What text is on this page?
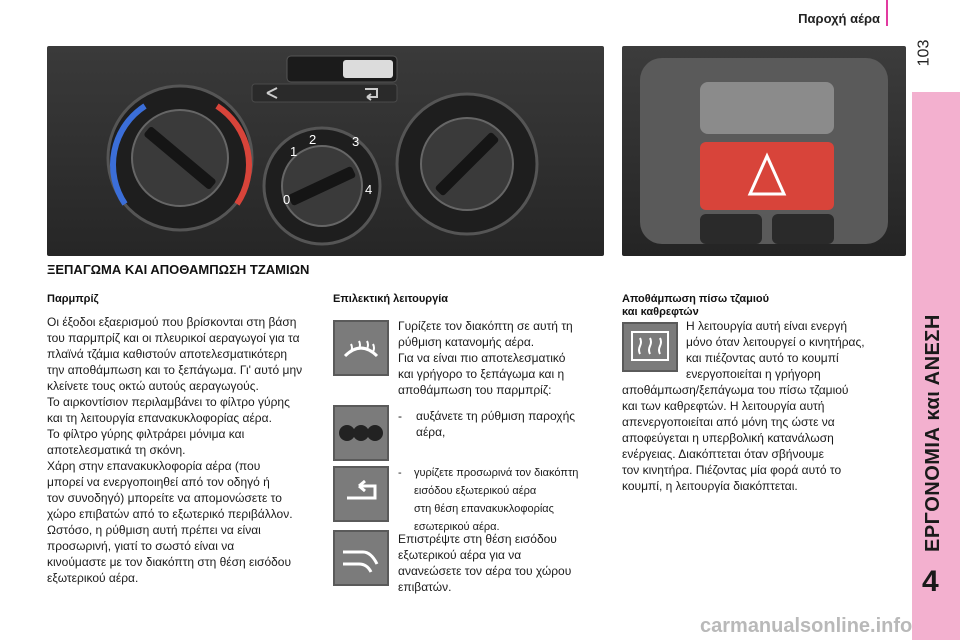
Παροχή αέρα
103
ΕΡΓΟΝΟΜΙΑ και ΑΝΕΣΗ
4
0
1
2	3
4
ΞΕΠΑΓΩΜΑ ΚΑΙ ΑΠΟΘΑΜΠΩΣΗ ΤΖΑΜΙΩΝ
Παρμπρίζ

Οι έξοδοι εξαερισμού που βρίσκονται στη βάση

του παρμπρίζ και οι πλευρικοί αεραγωγοί για τα

πλαϊνά τζάμια καθιστούν αποτελεσματικότερη

την αποθάμπωση και το ξεπάγωμα. Γι' αυτό μην

κλείνετε τους οκτώ αυτούς αεραγωγούς.

Το αιρκοντίσιον περιλαμβάνει το φίλτρο γύρης

και τη λειτουργία επανακυκλοφορίας αέρα.

Το φίλτρο γύρης φιλτράρει μόνιμα και

αποτελεσματικά τη σκόνη.

Χάρη στην επανακυκλοφορία αέρα (που

μπορεί να ενεργοποιηθεί από τον οδηγό ή

τον συνοδηγό) μπορείτε να απομονώσετε το

χώρο επιβατών από το εξωτερικό περιβάλλον.

Ωστόσο, η ρύθμιση αυτή πρέπει να είναι

προσωρινή, γιατί το σωστό είναι να

κινούμαστε με τον διακόπτη στη θέση εισόδου

εξωτερικού αέρα.

Επιλεκτική λειτουργία

Γυρίζετε τον διακόπτη σε αυτή τη

ρύθμιση κατανομής αέρα.

Για να είναι πιο αποτελεσματικό

και γρήγορο το ξεπάγωμα και η

αποθάμπωση του παρμπρίζ:

- αυξάνετε τη ρύθμιση παροχής

αέρα,

- γυρίζετε προσωρινά τον διακόπτη

εισόδου εξωτερικού αέρα

στη θέση επανακυκλοφορίας

εσωτερικού αέρα.

Επιστρέψτε στη θέση εισόδου

εξωτερικού αέρα για να

ανανεώσετε τον αέρα του χώρου

επιβατών.

Αποθάμπωση πίσω τζαμιού
και καθρεφτών

Η λειτουργία αυτή είναι ενεργή

μόνο όταν λειτουργεί ο κινητήρας,

και πιέζοντας αυτό το κουμπί

ενεργοποιείται η γρήγορη

αποθάμπωση/ξεπάγωμα του πίσω τζαμιού

και των καθρεφτών. Η λειτουργία αυτή

απενεργοποιείται από μόνη της ώστε να

αποφεύγεται η υπερβολική κατανάλωση

ενέργειας. Διακόπτεται όταν σβήνουμε

τον κινητήρα. Πιέζοντας μία φορά αυτό το

κουμπί, η λειτουργία διακόπτεται.

carmanualsonline.info
